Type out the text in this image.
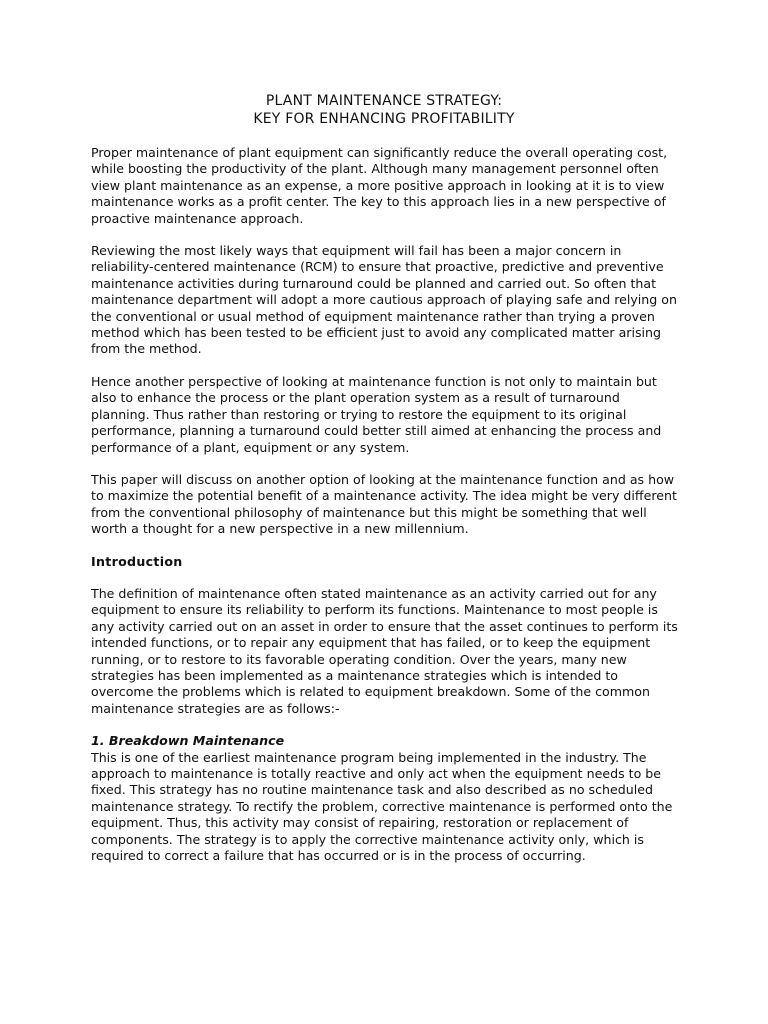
PLANT MAINTENANCE STRATEGY:
KEY FOR ENHANCING PROFITABILITY

Proper maintenance of plant equipment can significantly reduce the overall operating cost, while boosting the productivity of the plant. Although many management personnel often view plant maintenance as an expense, a more positive approach in looking at it is to view maintenance works as a profit center. The key to this approach lies in a new perspective of proactive maintenance approach.

Reviewing the most likely ways that equipment will fail has been a major concern in reliability-centered maintenance (RCM) to ensure that proactive, predictive and preventive maintenance activities during turnaround could be planned and carried out. So often that maintenance department will adopt a more cautious approach of playing safe and relying on the conventional or usual method of equipment maintenance rather than trying a proven method which has been tested to be efficient just to avoid any complicated matter arising from the method.

Hence another perspective of looking at maintenance function is not only to maintain but also to enhance the process or the plant operation system as a result of turnaround planning. Thus rather than restoring or trying to restore the equipment to its original performance, planning a turnaround could better still aimed at enhancing the process and performance of a plant, equipment or any system.

This paper will discuss on another option of looking at the maintenance function and as how to maximize the potential benefit of a maintenance activity. The idea might be very different from the conventional philosophy of maintenance but this might be something that well worth a thought for a new perspective in a new millennium.

Introduction

The definition of maintenance often stated maintenance as an activity carried out for any equipment to ensure its reliability to perform its functions. Maintenance to most people is any activity carried out on an asset in order to ensure that the asset continues to perform its intended functions, or to repair any equipment that has failed, or to keep the equipment running, or to restore to its favorable operating condition. Over the years, many new strategies has been implemented as a maintenance strategies which is intended to overcome the problems which is related to equipment breakdown. Some of the common maintenance strategies are as follows:-

1. Breakdown Maintenance

This is one of the earliest maintenance program being implemented in the industry. The approach to maintenance is totally reactive and only act when the equipment needs to be fixed. This strategy has no routine maintenance task and also described as no scheduled maintenance strategy. To rectify the problem, corrective maintenance is performed onto the equipment. Thus, this activity may consist of repairing, restoration or replacement of components. The strategy is to apply the corrective maintenance activity only, which is required to correct a failure that has occurred or is in the process of occurring.
